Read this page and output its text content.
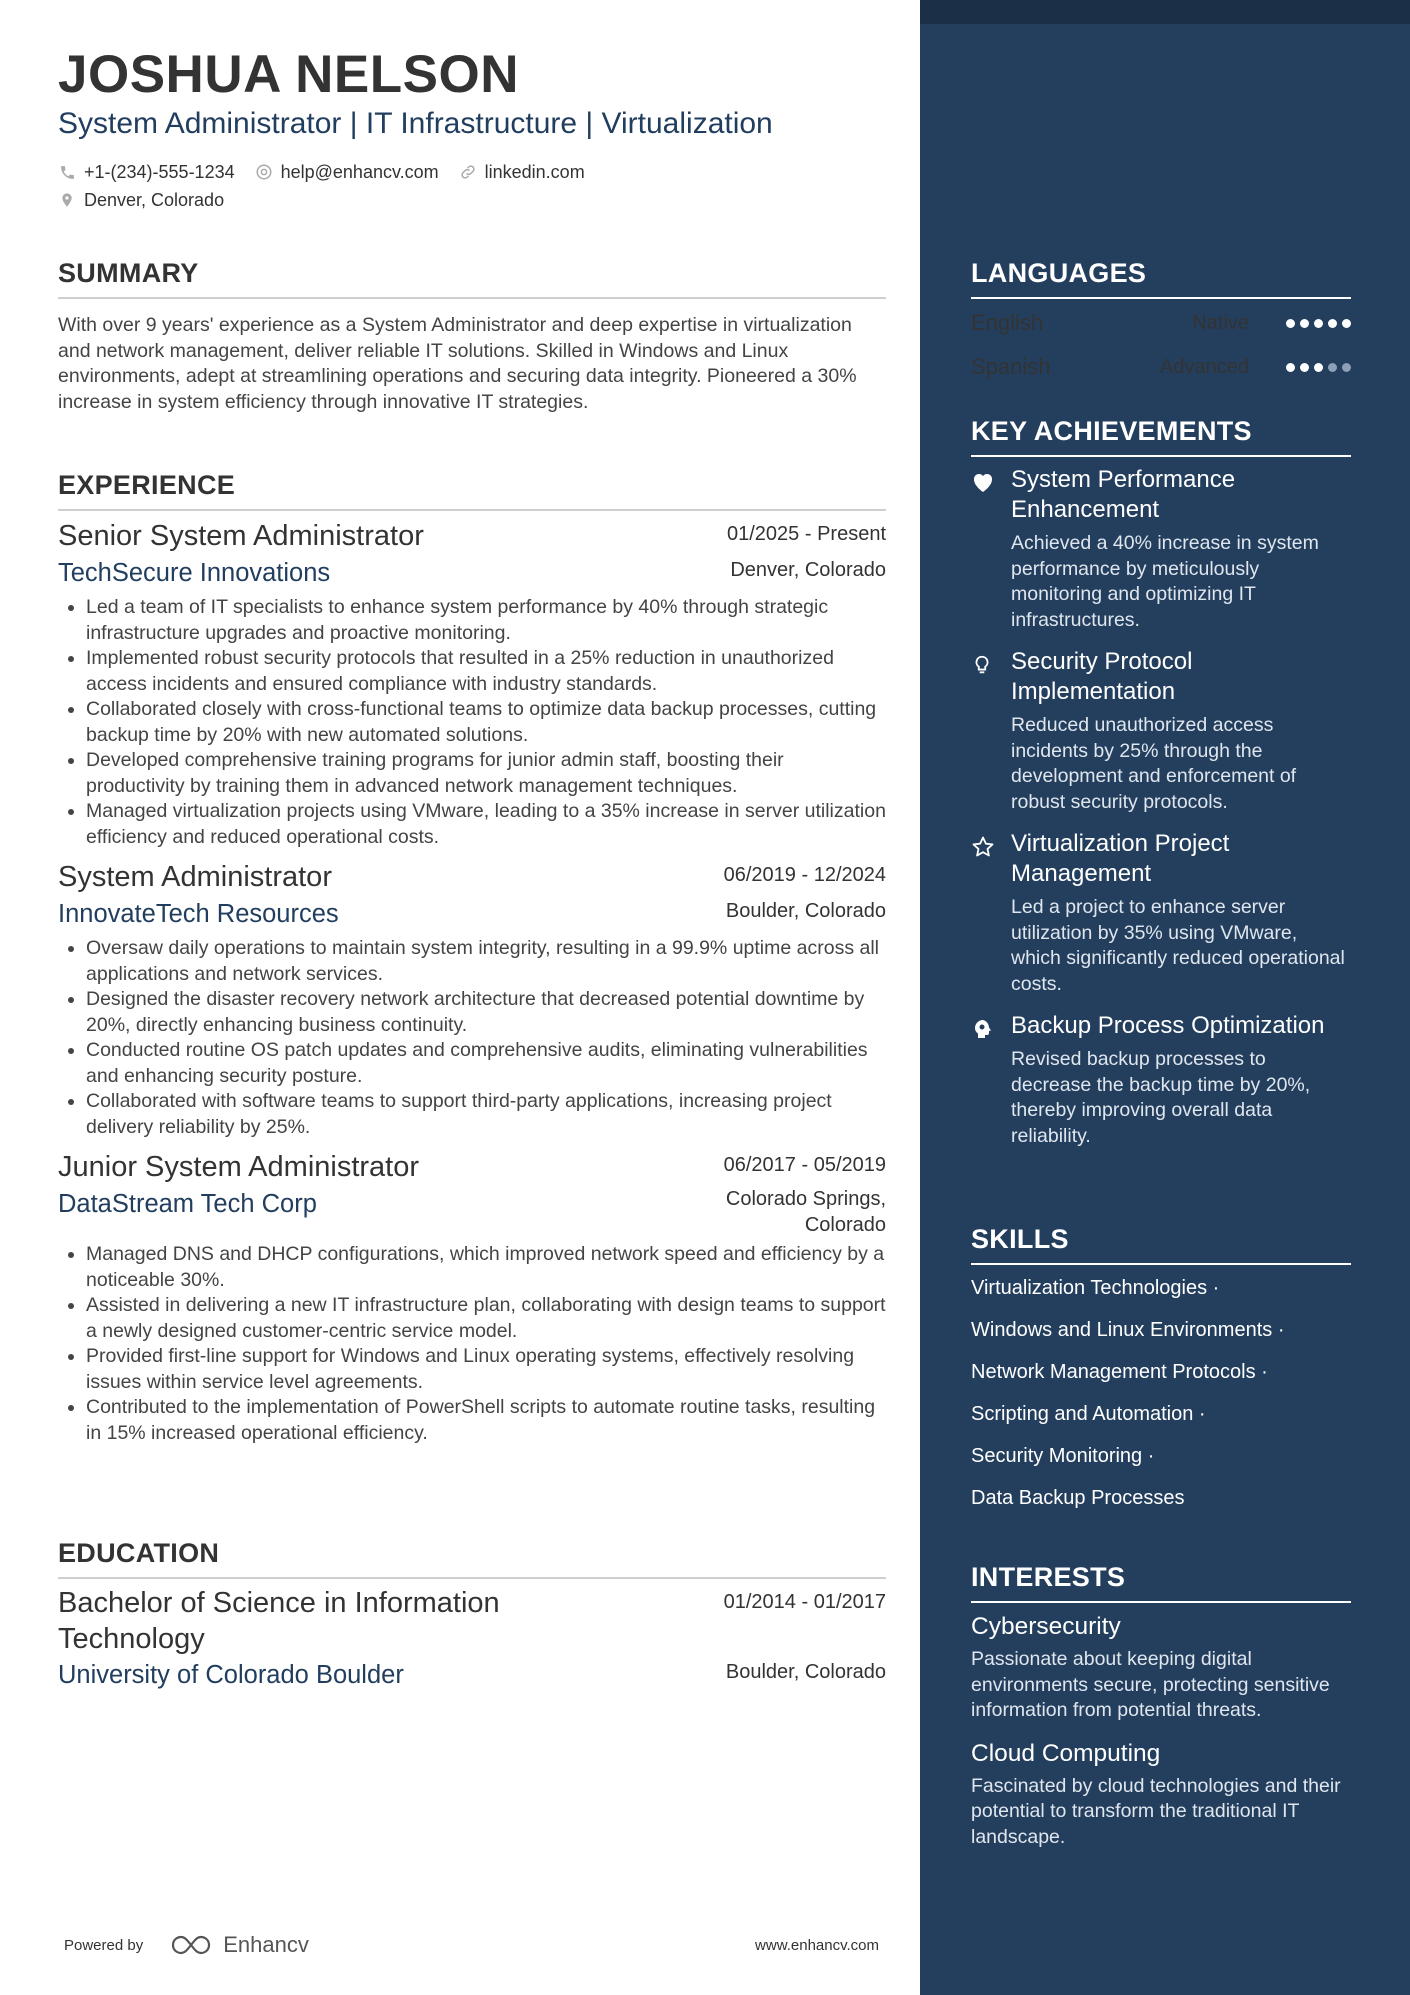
JOSHUA NELSON
System Administrator | IT Infrastructure | Virtualization
+1-(234)-555-1234	help@enhancv.com	linkedin.com
Denver, Colorado
SUMMARY

With over 9 years' experience as a System Administrator and deep expertise in virtualization and network management, deliver reliable IT solutions. Skilled in Windows and Linux environments, adept at streamlining operations and securing data integrity. Pioneered a 30% increase in system efficiency through innovative IT strategies.

EXPERIENCE
Senior System Administrator	01/2025 - Present
TechSecure Innovations	Denver, Colorado
• Led a team of IT specialists to enhance system performance by 40% through strategic infrastructure upgrades and proactive monitoring.
• Implemented robust security protocols that resulted in a 25% reduction in unauthorized access incidents and ensured compliance with industry standards.
• Collaborated closely with cross-functional teams to optimize data backup processes, cutting backup time by 20% with new automated solutions.
• Developed comprehensive training programs for junior admin staff, boosting their productivity by training them in advanced network management techniques.
• Managed virtualization projects using VMware, leading to a 35% increase in server utilization efficiency and reduced operational costs.
System Administrator	06/2019 - 12/2024
InnovateTech Resources	Boulder, Colorado
• Oversaw daily operations to maintain system integrity, resulting in a 99.9% uptime across all applications and network services.
• Designed the disaster recovery network architecture that decreased potential downtime by 20%, directly enhancing business continuity.
• Conducted routine OS patch updates and comprehensive audits, eliminating vulnerabilities and enhancing security posture.
• Collaborated with software teams to support third-party applications, increasing project delivery reliability by 25%.
Junior System Administrator	06/2017 - 05/2019
DataStream Tech Corp	Colorado Springs,
Colorado
• Managed DNS and DHCP configurations, which improved network speed and efficiency by a noticeable 30%.
• Assisted in delivering a new IT infrastructure plan, collaborating with design teams to support a newly designed customer-centric service model.
• Provided first-line support for Windows and Linux operating systems, effectively resolving issues within service level agreements.
• Contributed to the implementation of PowerShell scripts to automate routine tasks, resulting in 15% increased operational efficiency.
EDUCATION
Bachelor of Science in Information
Technology
01/2014 - 01/2017
University of Colorado Boulder	Boulder, Colorado
Powered by	Enhancv	www.enhancv.com
LANGUAGES
English	Native
Spanish	Advanced
KEY ACHIEVEMENTS
System Performance Enhancement
Achieved a 40% increase in system performance by meticulously monitoring and optimizing IT infrastructures.
Security Protocol Implementation
Reduced unauthorized access incidents by 25% through the development and enforcement of robust security protocols.
Virtualization Project Management
Led a project to enhance server utilization by 35% using VMware, which significantly reduced operational costs.
Backup Process Optimization
Revised backup processes to decrease the backup time by 20%, thereby improving overall data reliability.
SKILLS
Virtualization Technologies ·
Windows and Linux Environments ·
Network Management Protocols ·
Scripting and Automation ·
Security Monitoring ·
Data Backup Processes
INTERESTS
Cybersecurity
Passionate about keeping digital environments secure, protecting sensitive information from potential threats.
Cloud Computing
Fascinated by cloud technologies and their potential to transform the traditional IT landscape.
